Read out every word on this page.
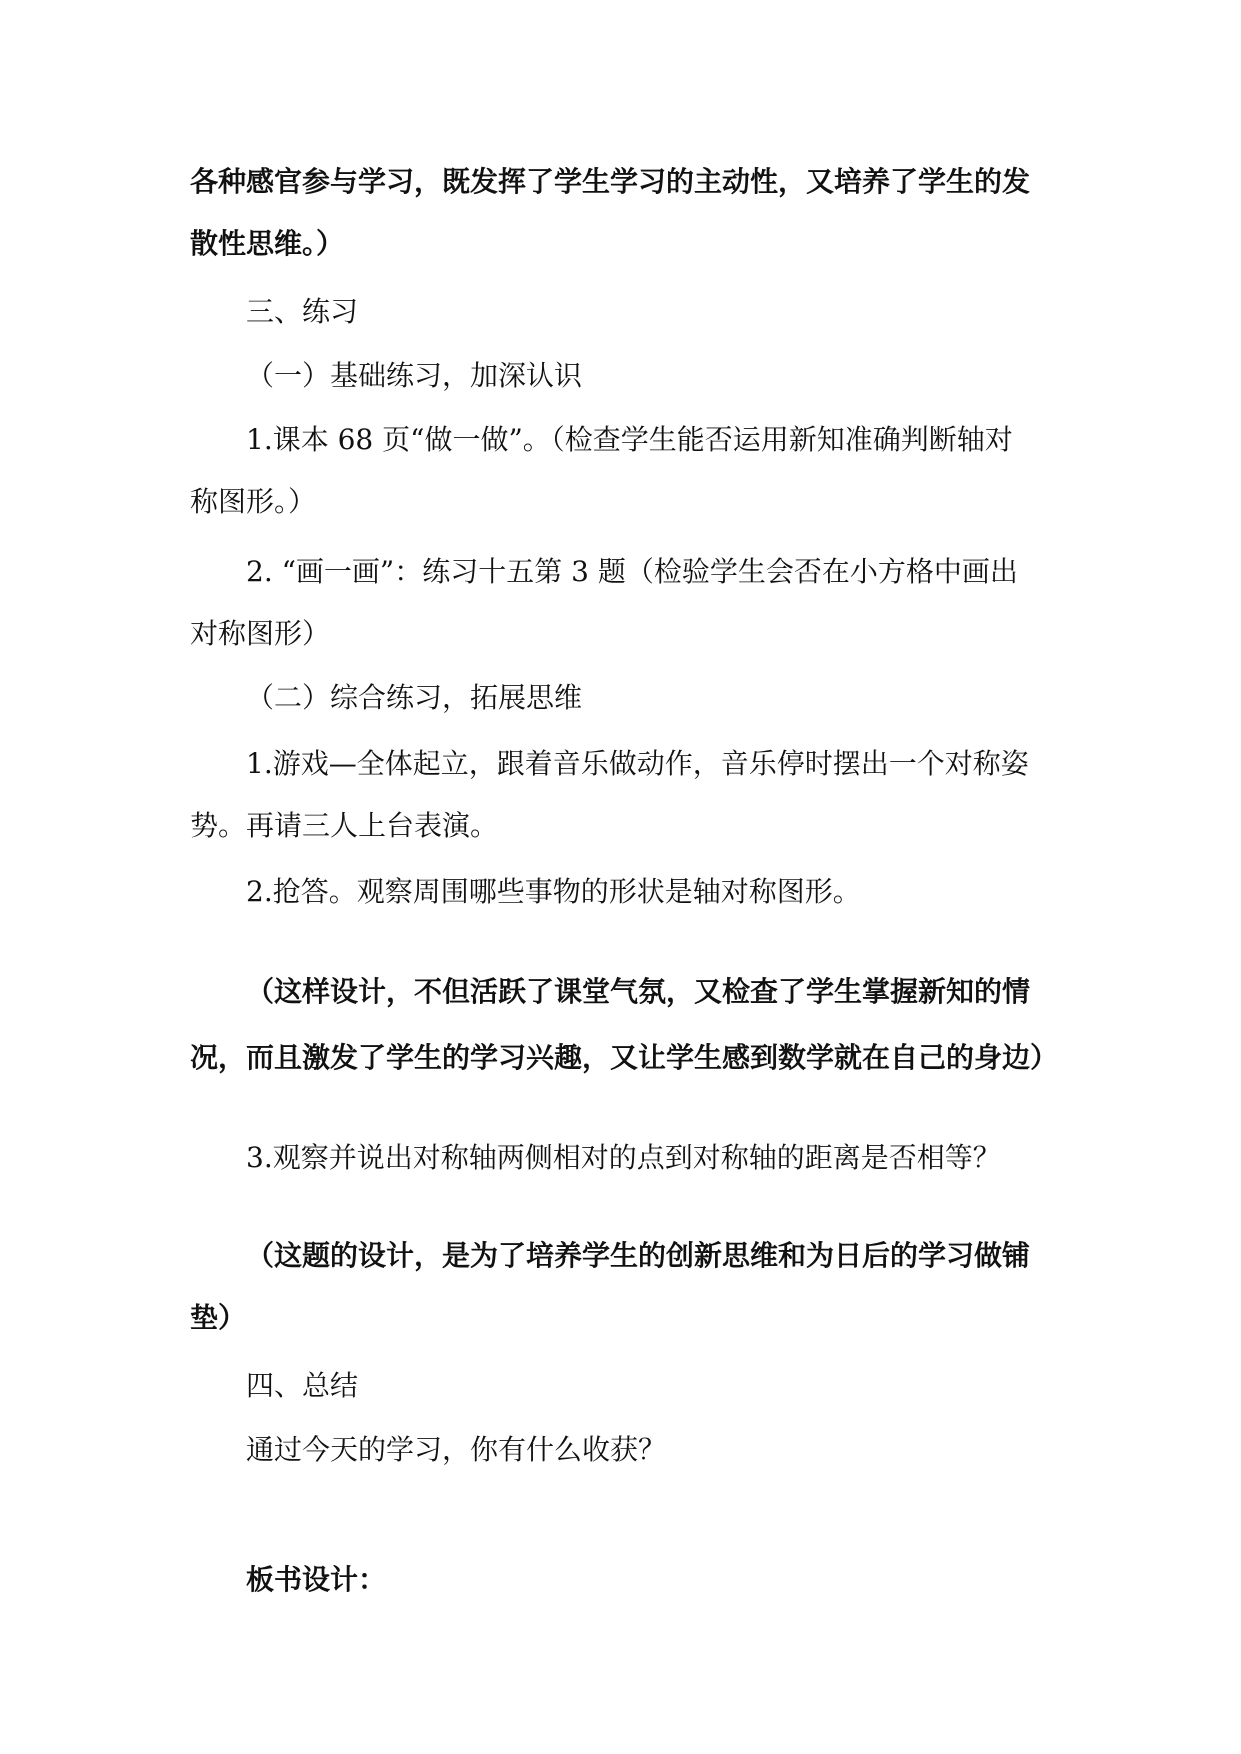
各种感官参与学习，既发挥了学生学习的主动性，又培养了学生的发
散性思维。）
三、练习
（一）基础练习，加深认识
1.课本 68 页“做一做”。（检查学生能否运用新知准确判断轴对
称图形。）
2. “画一画”：练习十五第 3 题（检验学生会否在小方格中画出
对称图形）
（二）综合练习，拓展思维
1.游戏—全体起立，跟着音乐做动作，音乐停时摆出一个对称姿
势。再请三人上台表演。
2.抢答。观察周围哪些事物的形状是轴对称图形。
（这样设计，不但活跃了课堂气氛，又检查了学生掌握新知的情
况，而且激发了学生的学习兴趣，又让学生感到数学就在自己的身边）
3.观察并说出对称轴两侧相对的点到对称轴的距离是否相等？
（这题的设计，是为了培养学生的创新思维和为日后的学习做铺
垫）
四、总结
通过今天的学习，你有什么收获？
板书设计：
